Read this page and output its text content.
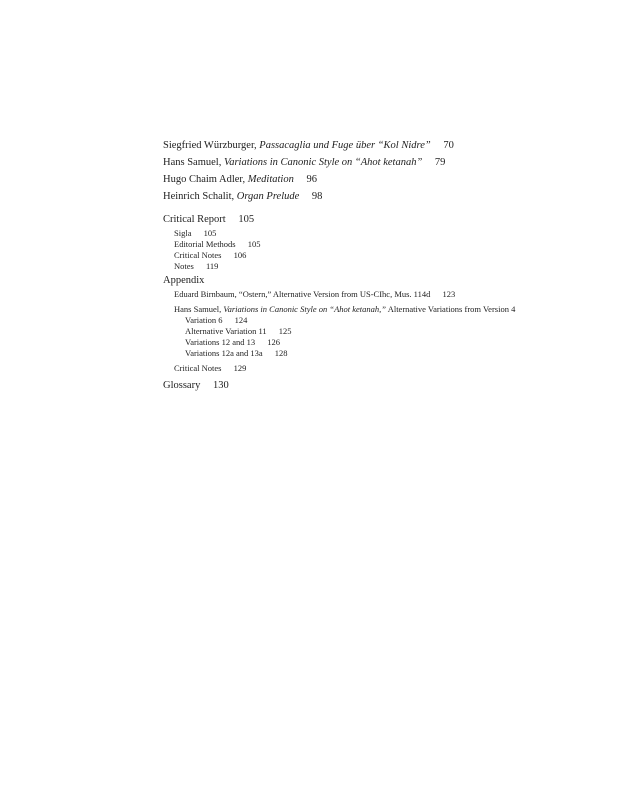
Siegfried Würzburger, Passacaglia und Fuge über “Kol Nidre” 70
Hans Samuel, Variations in Canonic Style on “Ahot ketanah” 79
Hugo Chaim Adler, Meditation 96
Heinrich Schalit, Organ Prelude 98
Critical Report 105
Sigla 105
Editorial Methods 105
Critical Notes 106
Notes 119
Appendix
Eduard Birnbaum, “Ostern,” Alternative Version from US-CIhc, Mus. 114d 123
Hans Samuel, Variations in Canonic Style on “Ahot ketanah,” Alternative Variations from Version 4
Variation 6 124
Alternative Variation 11 125
Variations 12 and 13 126
Variations 12a and 13a 128
Critical Notes 129
Glossary 130
